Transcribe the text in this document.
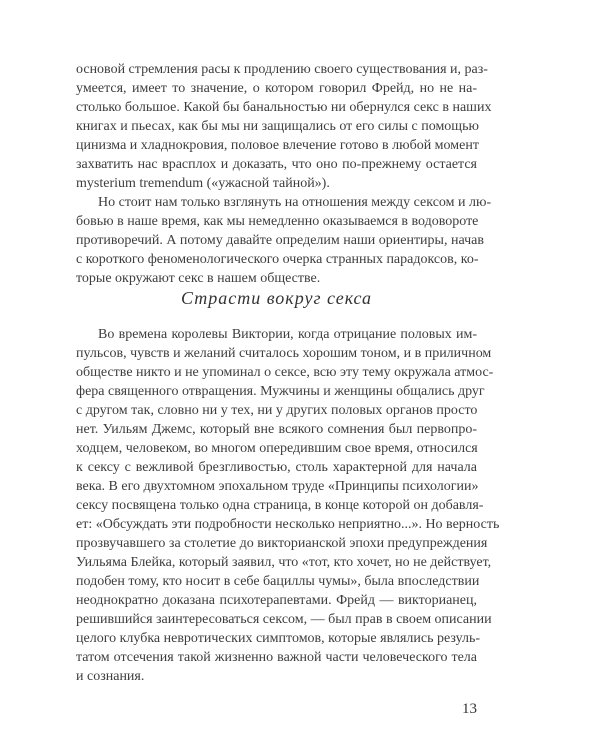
основой стремления расы к продлению своего существования и, раз-
умеется, имеет то значение, о котором говорил Фрейд, но не на-
столько большое. Какой бы банальностью ни обернулся секс в наших
книгах и пьесах, как бы мы ни защищались от его силы с помощью
цинизма и хладнокровия, половое влечение готово в любой момент
захватить нас врасплох и доказать, что оно по-прежнему остается
mysterium tremendum («ужасной тайной»).
Но стоит нам только взглянуть на отношения между сексом и лю-
бовью в наше время, как мы немедленно оказываемся в водовороте
противоречий. А потому давайте определим наши ориентиры, начав
с короткого феноменологического очерка странных парадоксов, ко-
торые окружают секс в нашем обществе.
Страсти вокруг секса
Во времена королевы Виктории, когда отрицание половых им-
пульсов, чувств и желаний считалось хорошим тоном, и в приличном
обществе никто и не упоминал о сексе, всю эту тему окружала атмос-
фера священного отвращения. Мужчины и женщины общались друг
с другом так, словно ни у тех, ни у других половых органов просто
нет. Уильям Джемс, который вне всякого сомнения был первопро-
ходцем, человеком, во многом опередившим свое время, относился
к сексу с вежливой брезгливостью, столь характерной для начала
века. В его двухтомном эпохальном труде «Принципы психологии»
сексу посвящена только одна страница, в конце которой он добавля-
ет: «Обсуждать эти подробности несколько неприятно...». Но верность
прозвучавшего за столетие до викторианской эпохи предупреждения
Уильяма Блейка, который заявил, что «тот, кто хочет, но не действует,
подобен тому, кто носит в себе бациллы чумы», была впоследствии
неоднократно доказана психотерапевтами. Фрейд — викторианец,
решившийся заинтересоваться сексом, — был прав в своем описании
целого клубка невротических симптомов, которые являлись резуль-
татом отсечения такой жизненно важной части человеческого тела
и сознания.
13
